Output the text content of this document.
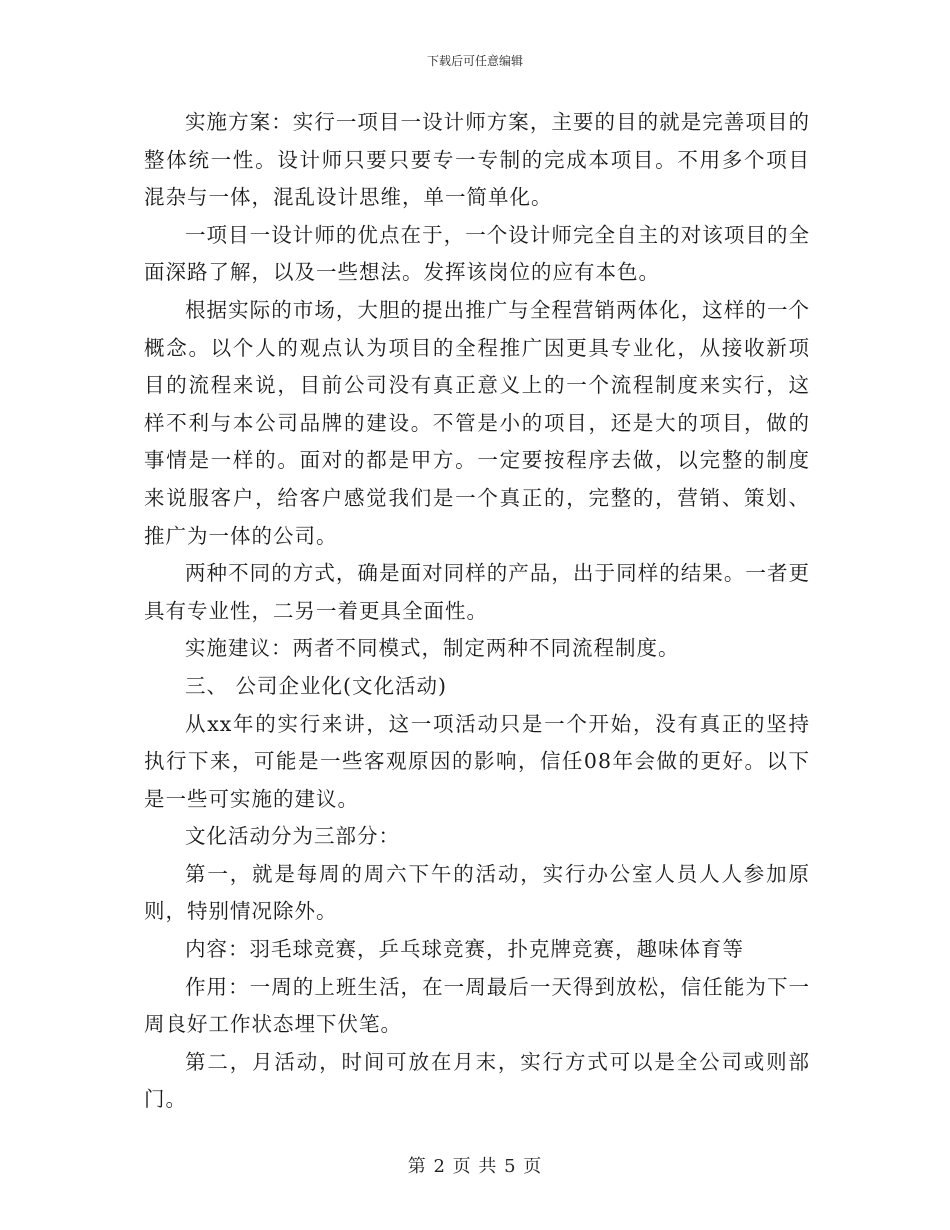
下载后可任意编辑

实施方案：实行一项目一设计师方案，主要的目的就是完善项目的整体统一性。设计师只要只要专一专制的完成本项目。不用多个项目混杂与一体，混乱设计思维，单一简单化。

一项目一设计师的优点在于，一个设计师完全自主的对该项目的全面深路了解，以及一些想法。发挥该岗位的应有本色。

根据实际的市场，大胆的提出推广与全程营销两体化，这样的一个概念。以个人的观点认为项目的全程推广因更具专业化，从接收新项目的流程来说，目前公司没有真正意义上的一个流程制度来实行，这样不利与本公司品牌的建设。不管是小的项目，还是大的项目，做的事情是一样的。面对的都是甲方。一定要按程序去做，以完整的制度来说服客户，给客户感觉我们是一个真正的，完整的，营销、策划、推广为一体的公司。

两种不同的方式，确是面对同样的产品，出于同样的结果。一者更具有专业性，二另一着更具全面性。

实施建议：两者不同模式，制定两种不同流程制度。

三、 公司企业化(文化活动)

从xx年的实行来讲，这一项活动只是一个开始，没有真正的坚持执行下来，可能是一些客观原因的影响，信任08年会做的更好。以下是一些可实施的建议。

文化活动分为三部分：

第一，就是每周的周六下午的活动，实行办公室人员人人参加原则，特别情况除外。

内容：羽毛球竞赛，乒乓球竞赛，扑克牌竞赛，趣味体育等

作用：一周的上班生活，在一周最后一天得到放松，信任能为下一周良好工作状态埋下伏笔。

第二，月活动，时间可放在月末，实行方式可以是全公司或则部门。

第 2 页 共 5 页
